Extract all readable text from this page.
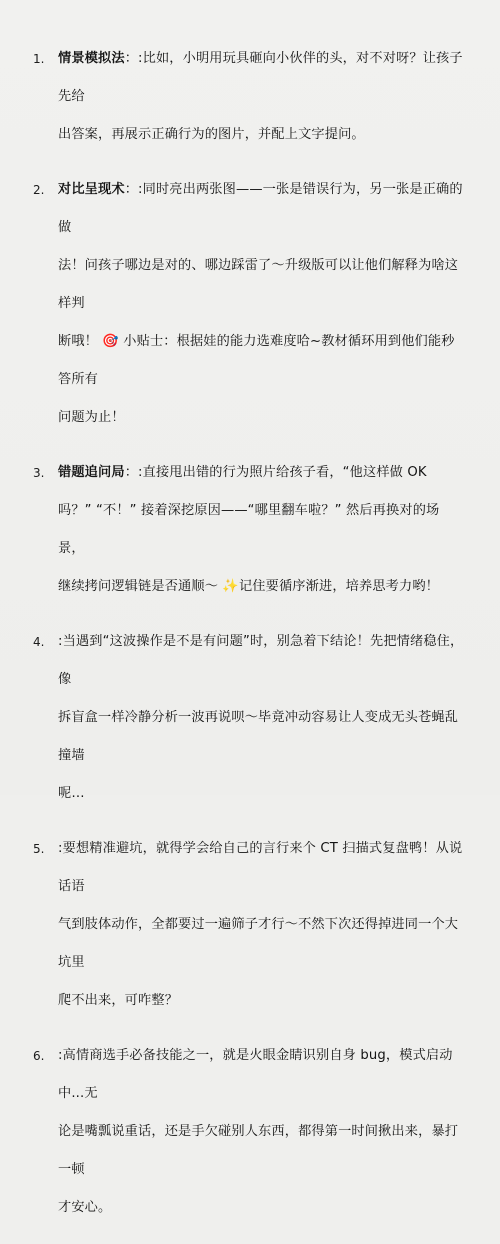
1. 情景模拟法：:比如，小明用玩具砸向小伙伴的头，对不对呀？让孩子先给

出答案，再展示正确行为的图片，并配上文字提问。

2. 对比呈现术：:同时亮出两张图——一张是错误行为，另一张是正确的做

法！问孩子哪边是对的、哪边踩雷了～升级版可以让他们解释为啥这样判

断哦！ 🎯 小贴士：根据娃的能力选难度哈~教材循环用到他们能秒答所有

问题为止！

3. 错题追问局：:直接甩出错的行为照片给孩子看，“他这样做 OK

吗？” “不！” 接着深挖原因——“哪里翻车啦？” 然后再换对的场景，

继续拷问逻辑链是否通顺～ ✨记住要循序渐进，培养思考力哟！

4. :当遇到“这波操作是不是有问题”时，别急着下结论！先把情绪稳住，像

拆盲盒一样冷静分析一波再说呗～毕竟冲动容易让人变成无头苍蝇乱撞墙

呢…

5. :要想精准避坑，就得学会给自己的言行来个 CT 扫描式复盘鸭！从说话语

气到肢体动作，全都要过一遍筛子才行～不然下次还得掉进同一个大坑里

爬不出来，可咋整？

6. :高情商选手必备技能之一，就是火眼金睛识别自身 bug，模式启动中...无

论是嘴瓢说重话，还是手欠碰别人东西，都得第一时间揪出来，暴打一顿

才安心。
